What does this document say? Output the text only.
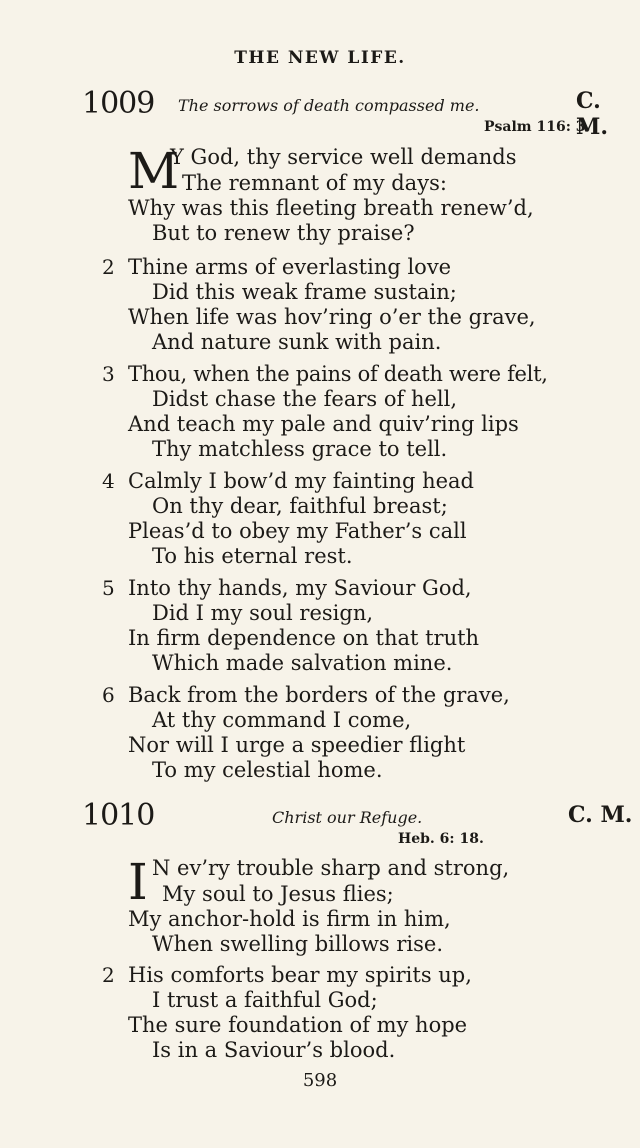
THE NEW LIFE.
1009 The sorrows of death compassed me.	C. M.
Psalm 116: 3.
M
Y God, thy service well demands
The remnant of my days:
Why was this fleeting breath renew’d,
But to renew thy praise?
2 Thine arms of everlasting love
Did this weak frame sustain;
When life was hov’ring o’er the grave,
And nature sunk with pain.
3 Thou, when the pains of death were felt,
Didst chase the fears of hell,
And teach my pale and quiv’ring lips
Thy matchless grace to tell.
4 Calmly I bow’d my fainting head
On thy dear, faithful breast;
Pleas’d to obey my Father’s call
To his eternal rest.
5 Into thy hands, my Saviour God,
Did I my soul resign,
In firm dependence on that truth
Which made salvation mine.
6 Back from the borders of the grave,
At thy command I come,
Nor will I urge a speedier flight
To my celestial home.
1010	Christ our Refuge.	C. M.
Heb. 6: 18.
I N ev’ry trouble sharp and strong,
My soul to Jesus flies;
My anchor-hold is firm in him,
When swelling billows rise.
2 His comforts bear my spirits up,
I trust a faithful God;
The sure foundation of my hope
Is in a Saviour’s blood.
598
